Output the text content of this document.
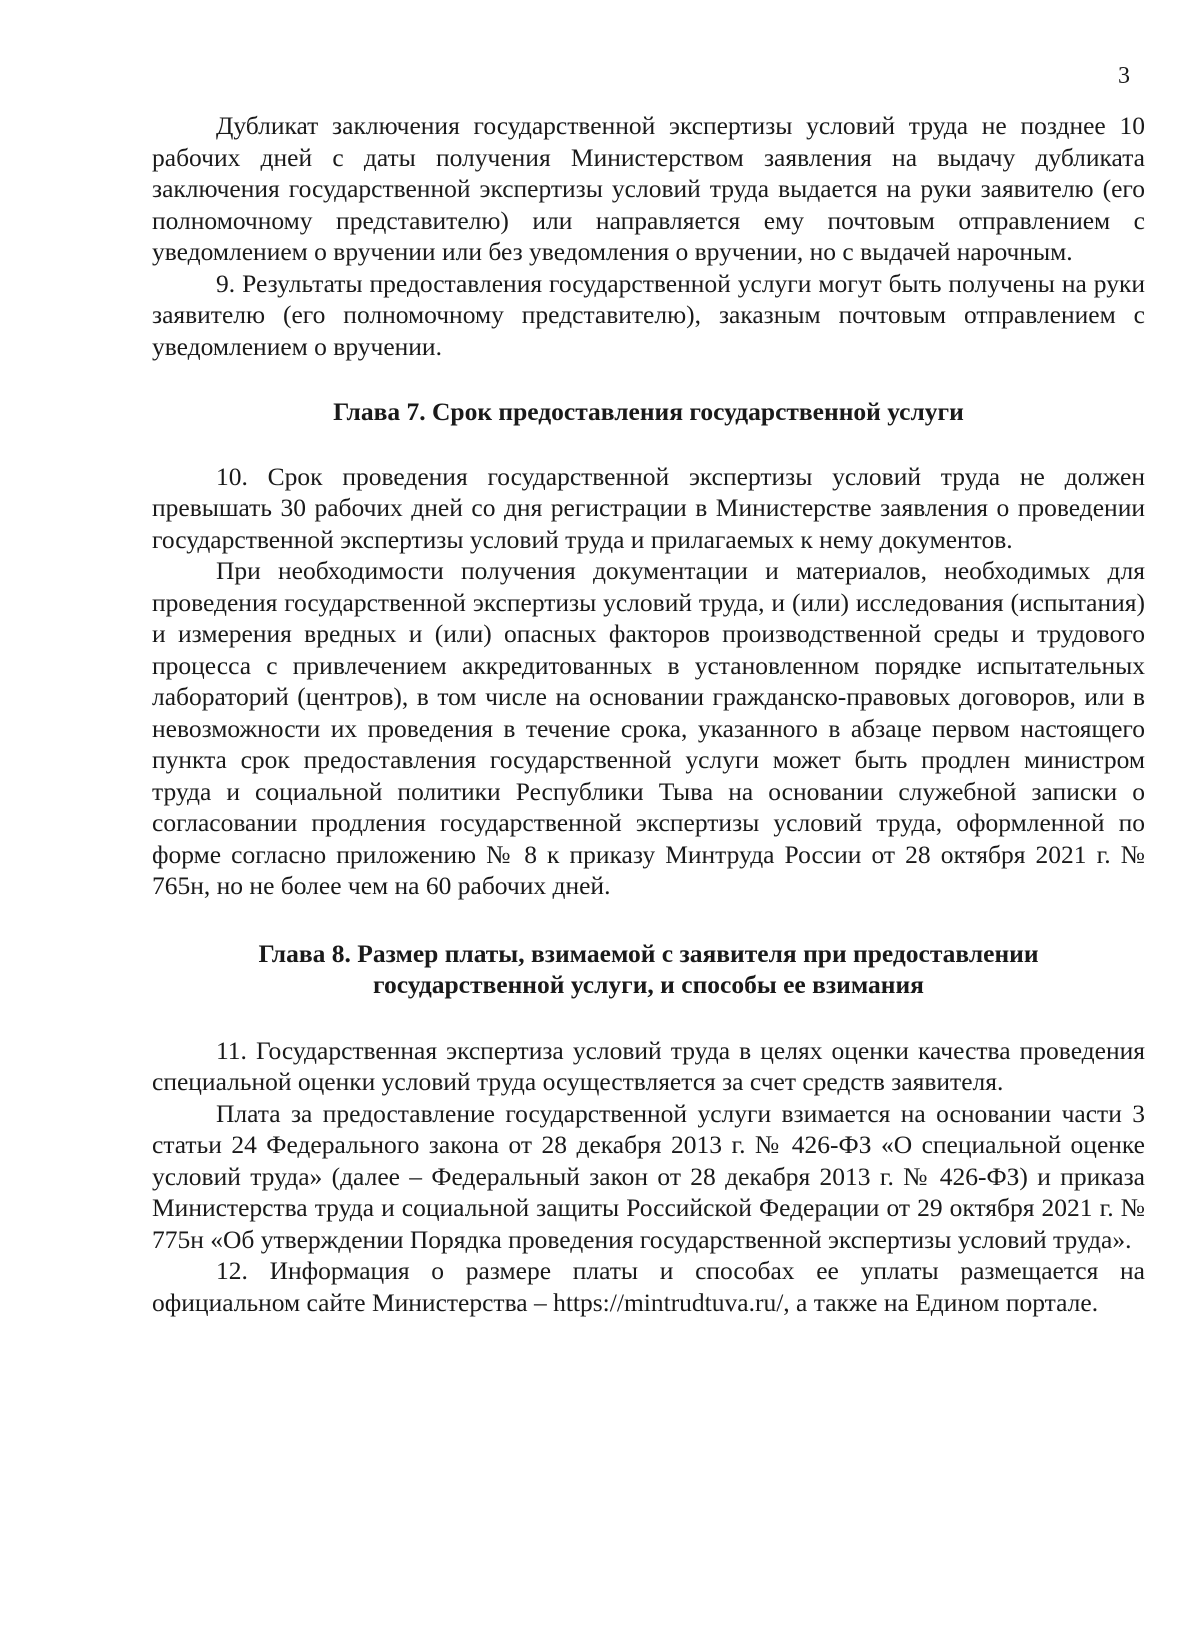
3

Дубликат заключения государственной экспертизы условий труда не позднее 10 рабочих дней с даты получения Министерством заявления на выдачу дубликата заключения государственной экспертизы условий труда выдается на руки заявителю (его полномочному представителю) или направляется ему почтовым отправлением с уведомлением о вручении или без уведомления о вручении, но с выдачей нарочным.

9. Результаты предоставления государственной услуги могут быть получены на руки заявителю (его полномочному представителю), заказным почтовым отправлением с уведомлением о вручении.

Глава 7. Срок предоставления государственной услуги

10. Срок проведения государственной экспертизы условий труда не должен превышать 30 рабочих дней со дня регистрации в Министерстве заявления о проведении государственной экспертизы условий труда и прилагаемых к нему документов.

При необходимости получения документации и материалов, необходимых для проведения государственной экспертизы условий труда, и (или) исследования (испытания) и измерения вредных и (или) опасных факторов производственной среды и трудового процесса с привлечением аккредитованных в установленном порядке испытательных лабораторий (центров), в том числе на основании гражданско-правовых договоров, или в невозможности их проведения в течение срока, указанного в абзаце первом настоящего пункта срок предоставления государственной услуги может быть продлен министром труда и социальной политики Республики Тыва на основании служебной записки о согласовании продления государственной экспертизы условий труда, оформленной по форме согласно приложению № 8 к приказу Минтруда России от 28 октября 2021 г. № 765н, но не более чем на 60 рабочих дней.

Глава 8. Размер платы, взимаемой с заявителя при предоставлении государственной услуги, и способы ее взимания

11. Государственная экспертиза условий труда в целях оценки качества проведения специальной оценки условий труда осуществляется за счет средств заявителя.

Плата за предоставление государственной услуги взимается на основании части 3 статьи 24 Федерального закона от 28 декабря 2013 г. № 426-ФЗ «О специальной оценке условий труда» (далее – Федеральный закон от 28 декабря 2013 г. № 426-ФЗ) и приказа Министерства труда и социальной защиты Российской Федерации от 29 октября 2021 г. № 775н «Об утверждении Порядка проведения государственной экспертизы условий труда».

12. Информация о размере платы и способах ее уплаты размещается на официальном сайте Министерства – https://mintrudtuva.ru/, а также на Едином портале.
